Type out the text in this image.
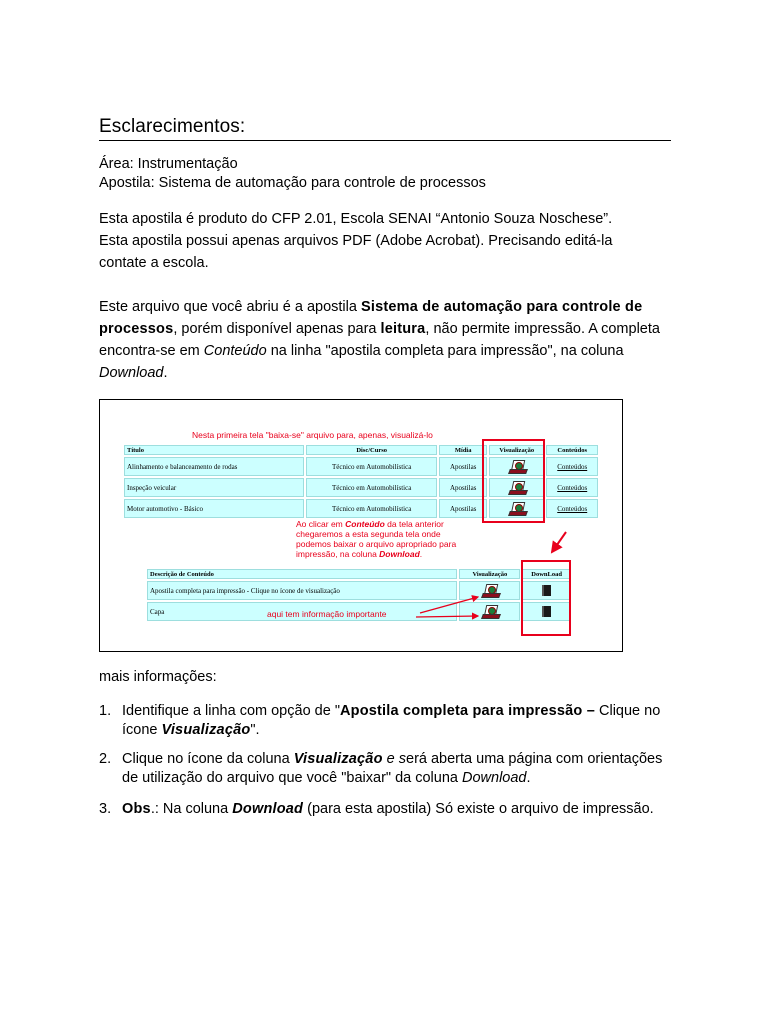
Esclarecimentos:
Área: Instrumentação
Apostila: Sistema de automação para controle de processos
Esta apostila é produto do CFP 2.01, Escola SENAI “Antonio Souza Noschese”.
Esta apostila possui apenas arquivos PDF (Adobe Acrobat). Precisando editá-la
contate a escola.
Este arquivo que você abriu é a apostila Sistema de automação para controle de processos, porém disponível apenas para leitura, não permite impressão. A completa encontra-se em Conteúdo na linha "apostila completa para impressão", na coluna Download.
Nesta primeira tela "baixa-se" arquivo para, apenas, visualizá-lo
Título	Disc/Curso	Mídia	Visualização	Conteúdos
Alinhamento e balanceamento de rodas	Técnico em Automobilística	Apostilas		Conteúdos
Inspeção veicular	Técnico em Automobilística	Apostilas		Conteúdos
Motor automotivo - Básico	Técnico em Automobilística	Apostilas		Conteúdos
Ao clicar em Conteúdo da tela anterior
chegaremos a esta segunda tela onde
podemos baixar o arquivo apropriado para
impressão, na coluna Download.
Descrição de Conteúdo	Visualização	DownLoad
Apostila completa para impressão - Clique no ícone de visualização	

Capa	
		aqui tem informação importante
mais informações:
1. Identifique a linha com opção de "Apostila completa para impressão – Clique no ícone Visualização".
2. Clique no ícone da coluna Visualização e será aberta uma página com orientações de utilização do arquivo que você "baixar" da coluna Download.
3. Obs.: Na coluna Download (para esta apostila) Só existe o arquivo de impressão.
